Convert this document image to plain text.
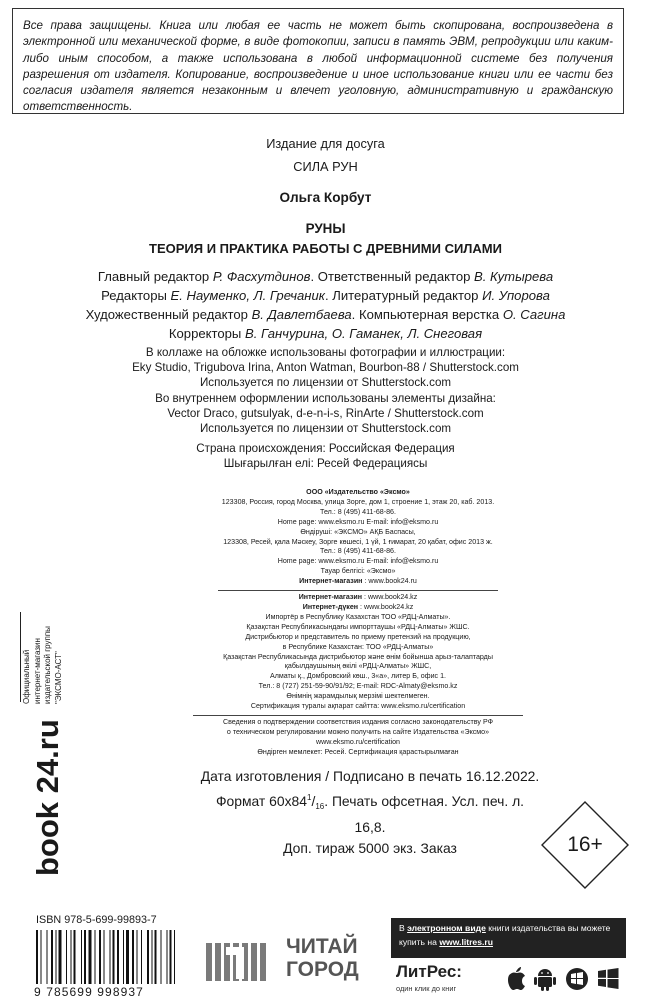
Все права защищены. Книга или любая ее часть не может быть скопирована, воспроизведена в электронной или механической форме, в виде фотокопии, записи в память ЭВМ, репродукции или каким-либо иным способом, а также использована в любой информационной системе без получения разрешения от издателя. Копирование, воспроизведение и иное использование книги или ее части без согласия издателя является незаконным и влечет уголовную, административную и гражданскую ответственность.
Издание для досуга
СИЛА РУН
Ольга Корбут
РУНЫ
ТЕОРИЯ И ПРАКТИКА РАБОТЫ С ДРЕВНИМИ СИЛАМИ
Главный редактор Р. Фасхутдинов. Ответственный редактор В. Кутырева
Редакторы Е. Науменко, Л. Гречаник. Литературный редактор И. Упорова
Художественный редактор В. Давлетбаева. Компьютерная верстка О. Сагина
Корректоры В. Ганчурина, О. Гаманек, Л. Снеговая
В коллаже на обложке использованы фотографии и иллюстрации:
Eky Studio, Trigubova Irina, Anton Watman, Bourbon-88 / Shutterstock.com
Используется по лицензии от Shutterstock.com
Во внутреннем оформлении использованы элементы дизайна:
Vector Draco, gutsulyak, d-e-n-i-s, RinArte / Shutterstock.com
Используется по лицензии от Shutterstock.com
Страна происхождения: Российская Федерация
Шығарылған елі: Ресей Федерациясы
ООО «Издательство «Эксмо»
123308, Россия, город Москва, улица Зорге, дом 1, строение 1, этаж 20, каб. 2013.
Тел.: 8 (495) 411-68-86.
Home page: www.eksmo.ru E-mail: info@eksmo.ru
Өндіруші: «ЭКСМО» АҚБ Баспасы,
123308, Ресей, қала Мәскеу, Зорге көшесі, 1 үй, 1 ғимарат, 20 қабат, офис 2013 ж.
Тел.: 8 (495) 411-68-86.
Home page: www.eksmo.ru E-mail: info@eksmo.ru
Тауар белгісі: «Эксмо»
Интернет-магазин : www.book24.ru
Интернет-магазин : www.book24.kz
Интернет-дүкен : www.book24.kz
Импортёр в Республику Казахстан ТОО «РДЦ-Алматы».
Қазақстан Республикасындағы импорттаушы «РДЦ-Алматы» ЖШС.
Дистрибьютор и представитель по приему претензий на продукцию,
в Республике Казахстан: ТОО «РДЦ-Алматы»
Қазақстан Республикасында дистрибьютор және өнім бойынша арыз-талаптарды
қабылдаушының өкілі «РДЦ-Алматы» ЖШС,
Алматы қ., Домбровский көш., 3«а», литер Б, офис 1.
Тел.: 8 (727) 251-59-90/91/92; E-mail: RDC-Almaty@eksmo.kz
Өнімнің жарамдылық мерзімі шектелмеген.
Сертификация туралы ақпарат сайтта: www.eksmo.ru/certification
Сведения о подтверждении соответствия издания согласно законодательству РФ
о техническом регулировании можно получить на сайте Издательства «Эксмо»
www.eksmo.ru/certification
Өндірген мемлекет: Ресей. Сертификация қарастырылмаған
Дата изготовления / Подписано в печать 16.12.2022.
Формат $60х84^1/_{16}$. Печать офсетная. Усл. печ. л. 16,8.
Доп. тираж 5000 экз. Заказ	16+
Официальный интернет-магазин издательской группы "ЭКСМО-АСТ"
book 24.ru
ISBN 978-5-699-99893-7
9 785699 998937
ЧИТАЙ
ГОРОД
В электронном виде книги издательства вы можете
купить на www.litres.ru
ЛитРес:
один клик до книг
